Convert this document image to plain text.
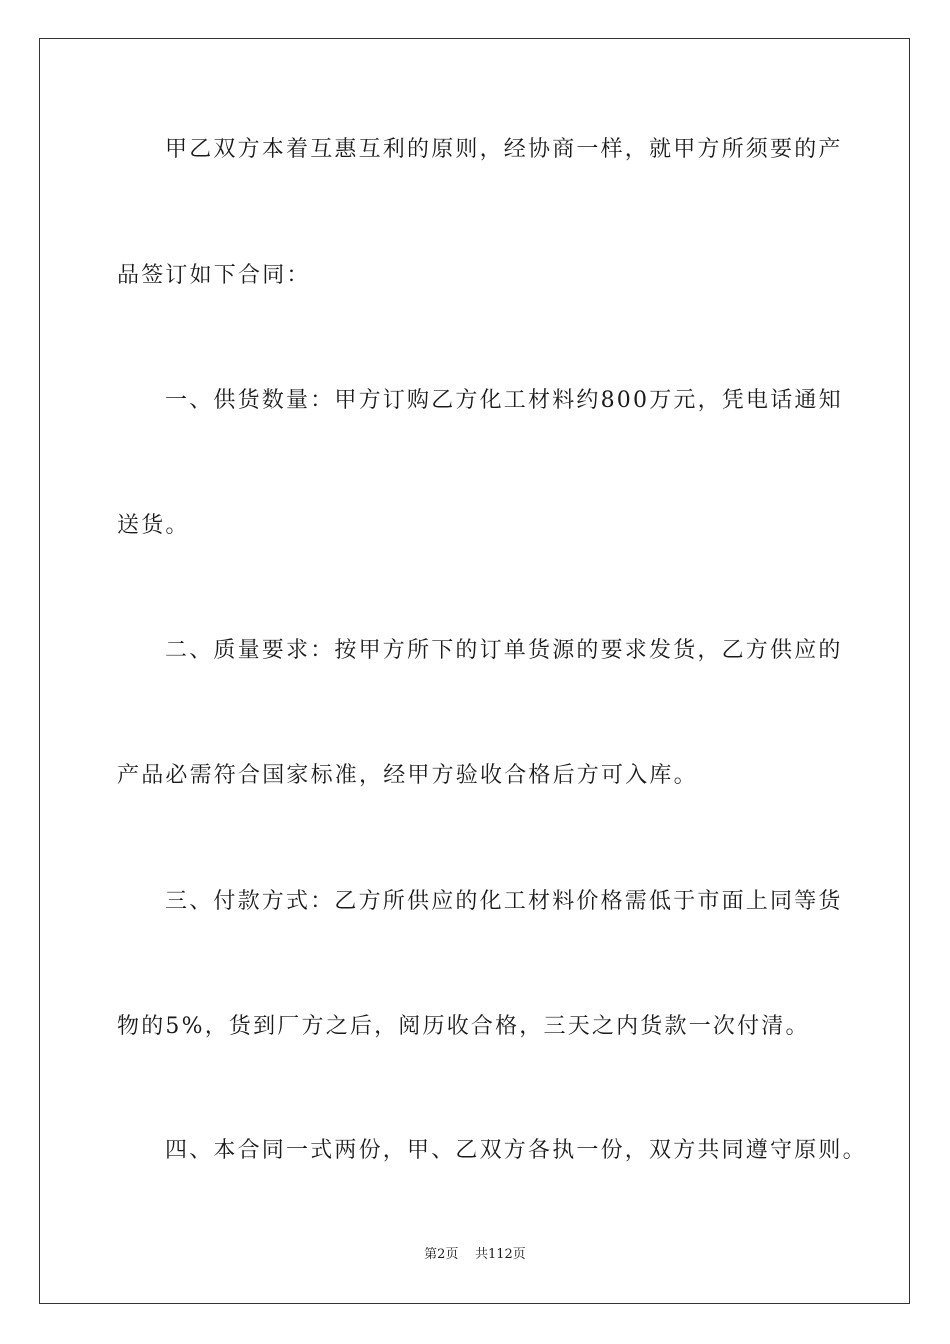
甲乙双方本着互惠互利的原则，经协商一样，就甲方所须要的产
品签订如下合同：
一、供货数量：甲方订购乙方化工材料约800万元，凭电话通知
送货。
二、质量要求：按甲方所下的订单货源的要求发货，乙方供应的
产品必需符合国家标准，经甲方验收合格后方可入库。
三、付款方式：乙方所供应的化工材料价格需低于市面上同等货
物的5%，货到厂方之后，阅历收合格，三天之内货款一次付清。
四、本合同一式两份，甲、乙双方各执一份，双方共同遵守原则。
第2页 共112页
